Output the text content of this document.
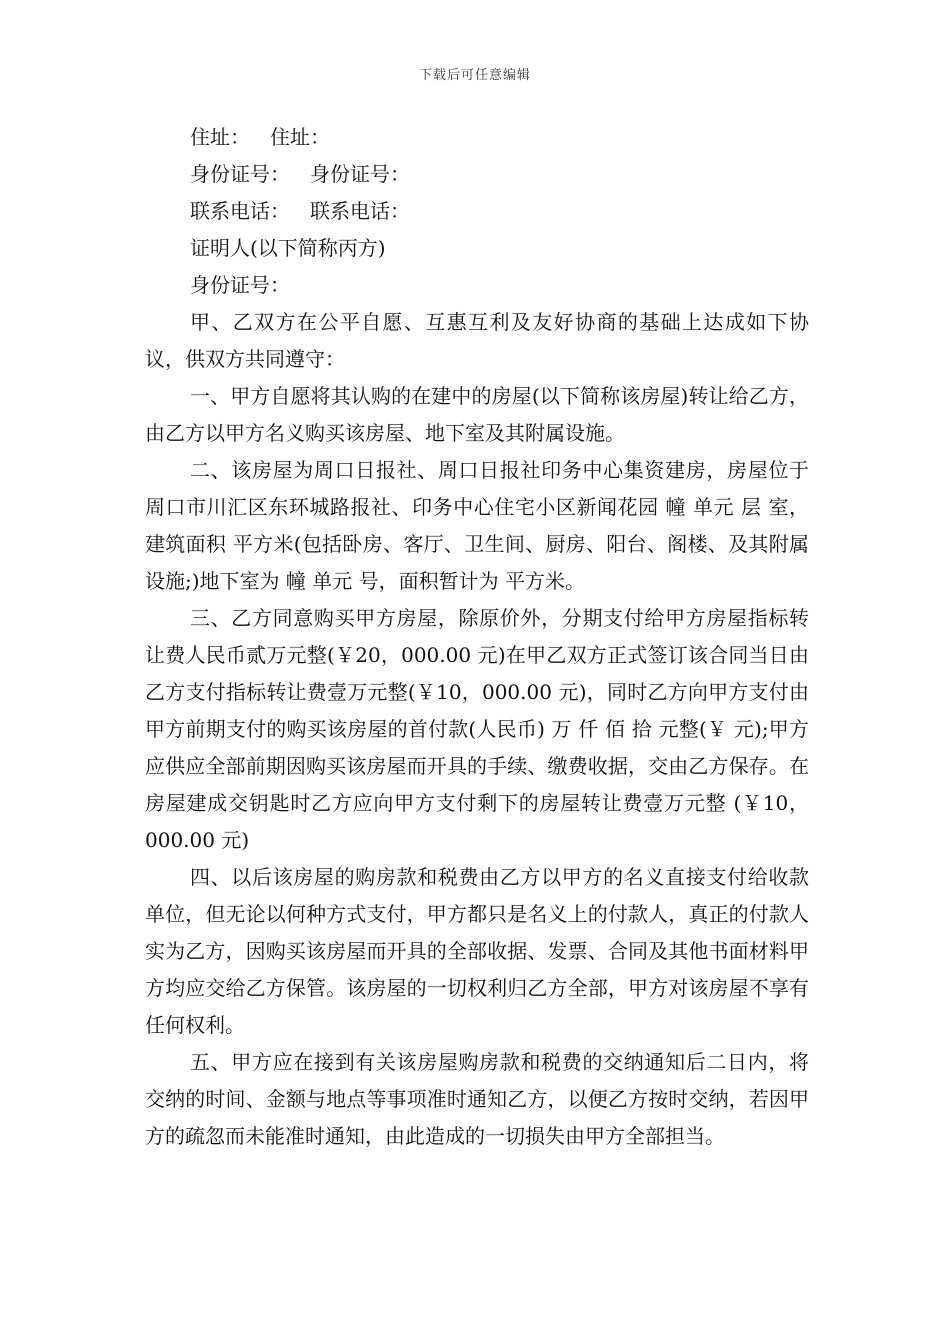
下载后可任意编辑
住址： 住址：
身份证号： 身份证号：
联系电话： 联系电话：
证明人(以下简称丙方)
身份证号：

甲、乙双方在公平自愿、互惠互利及友好协商的基础上达成如下协议，供双方共同遵守：

一、甲方自愿将其认购的在建中的房屋(以下简称该房屋)转让给乙方，由乙方以甲方名义购买该房屋、地下室及其附属设施。

二、该房屋为周口日报社、周口日报社印务中心集资建房，房屋位于周口市川汇区东环城路报社、印务中心住宅小区新闻花园 幢 单元 层 室，建筑面积 平方米(包括卧房、客厅、卫生间、厨房、阳台、阁楼、及其附属设施;)地下室为 幢 单元 号，面积暂计为 平方米。

三、乙方同意购买甲方房屋，除原价外，分期支付给甲方房屋指标转让费人民币贰万元整(￥20，000.00 元)在甲乙双方正式签订该合同当日由乙方支付指标转让费壹万元整(￥10，000.00 元)，同时乙方向甲方支付由甲方前期支付的购买该房屋的首付款(人民币) 万 仟 佰 拾 元整(￥ 元);甲方应供应全部前期因购买该房屋而开具的手续、缴费收据，交由乙方保存。在房屋建成交钥匙时乙方应向甲方支付剩下的房屋转让费壹万元整 (￥10，000.00 元)

四、以后该房屋的购房款和税费由乙方以甲方的名义直接支付给收款单位，但无论以何种方式支付，甲方都只是名义上的付款人，真正的付款人实为乙方，因购买该房屋而开具的全部收据、发票、合同及其他书面材料甲方均应交给乙方保管。该房屋的一切权利归乙方全部，甲方对该房屋不享有任何权利。

五、甲方应在接到有关该房屋购房款和税费的交纳通知后二日内，将交纳的时间、金额与地点等事项准时通知乙方，以便乙方按时交纳，若因甲方的疏忽而未能准时通知，由此造成的一切损失由甲方全部担当。
